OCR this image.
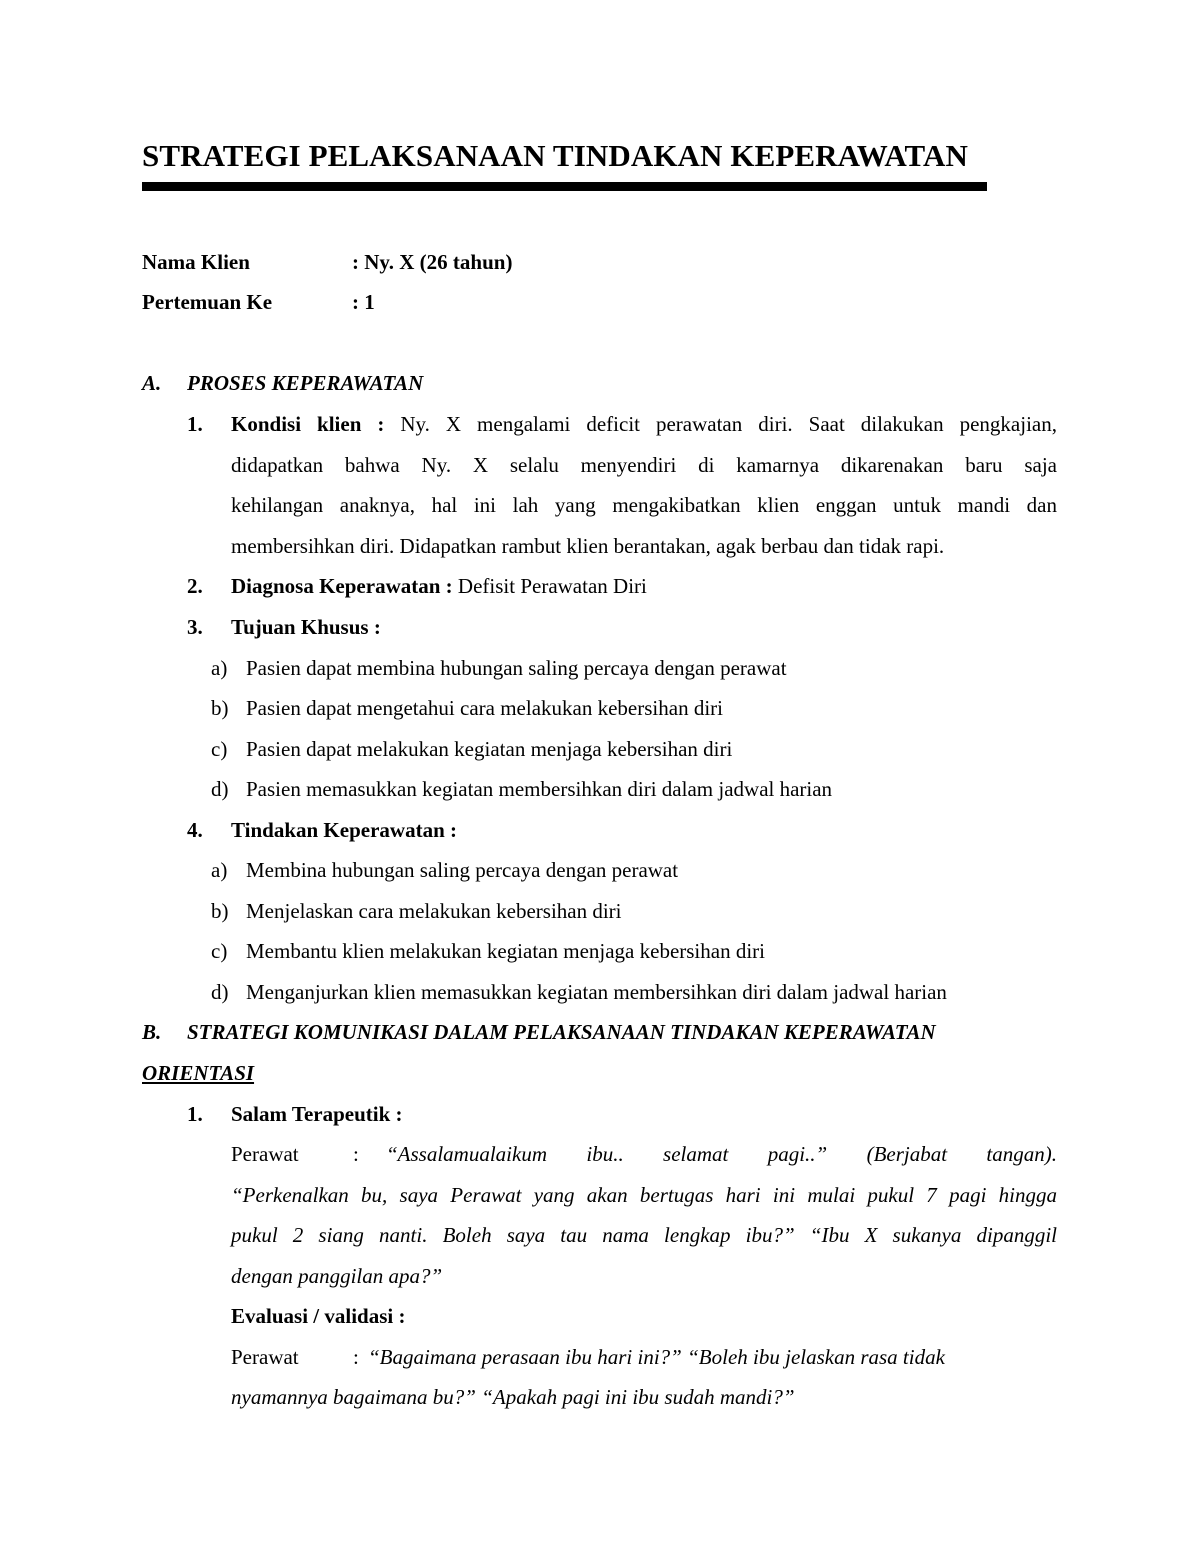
STRATEGI PELAKSANAAN TINDAKAN KEPERAWATAN
Nama Klien	: Ny. X (26 tahun)
Pertemuan Ke	: 1
A. PROSES KEPERAWATAN
1. Kondisi klien : Ny. X mengalami deficit perawatan diri. Saat dilakukan pengkajian,
didapatkan bahwa Ny. X selalu menyendiri di kamarnya dikarenakan baru saja
kehilangan anaknya, hal ini lah yang mengakibatkan klien enggan untuk mandi dan
membersihkan diri. Didapatkan rambut klien berantakan, agak berbau dan tidak rapi.
2. Diagnosa Keperawatan : Defisit Perawatan Diri
3. Tujuan Khusus :
a) Pasien dapat membina hubungan saling percaya dengan perawat
b) Pasien dapat mengetahui cara melakukan kebersihan diri
c) Pasien dapat melakukan kegiatan menjaga kebersihan diri
d) Pasien memasukkan kegiatan membersihkan diri dalam jadwal harian
4. Tindakan Keperawatan :
a) Membina hubungan saling percaya dengan perawat
b) Menjelaskan cara melakukan kebersihan diri
c) Membantu klien melakukan kegiatan menjaga kebersihan diri
d) Menganjurkan klien memasukkan kegiatan membersihkan diri dalam jadwal harian
B. STRATEGI KOMUNIKASI DALAM PELAKSANAAN TINDAKAN KEPERAWATAN
ORIENTASI
1. Salam Terapeutik :
Perawat	: “Assalamualaikum ibu.. selamat pagi..” (Berjabat tangan).
“Perkenalkan bu, saya Perawat yang akan bertugas hari ini mulai pukul 7 pagi hingga
pukul 2 siang nanti. Boleh saya tau nama lengkap ibu?” “Ibu X sukanya dipanggil
dengan panggilan apa?”
Evaluasi / validasi :
Perawat	: “Bagaimana perasaan ibu hari ini?” “Boleh ibu jelaskan rasa tidak
nyamannya bagaimana bu?” “Apakah pagi ini ibu sudah mandi?”
